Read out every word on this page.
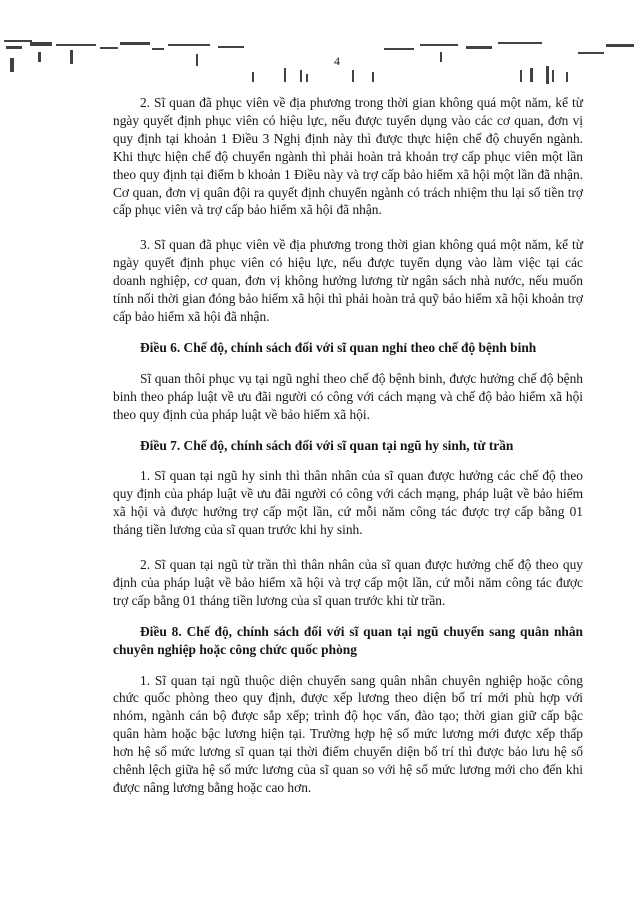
4

2. Sĩ quan đã phục viên về địa phương trong thời gian không quá một năm, kể từ ngày quyết định phục viên có hiệu lực, nếu được tuyển dụng vào các cơ quan, đơn vị quy định tại khoản 1 Điều 3 Nghị định này thì được thực hiện chế độ chuyển ngành. Khi thực hiện chế độ chuyển ngành thì phải hoàn trả khoản trợ cấp phục viên một lần theo quy định tại điểm b khoản 1 Điều này và trợ cấp bảo hiểm xã hội một lần đã nhận. Cơ quan, đơn vị quân đội ra quyết định chuyển ngành có trách nhiệm thu lại số tiền trợ cấp phục viên và trợ cấp bảo hiểm xã hội đã nhận.

3. Sĩ quan đã phục viên về địa phương trong thời gian không quá một năm, kể từ ngày quyết định phục viên có hiệu lực, nếu được tuyển dụng vào làm việc tại các doanh nghiệp, cơ quan, đơn vị không hưởng lương từ ngân sách nhà nước, nếu muốn tính nối thời gian đóng bảo hiểm xã hội thì phải hoàn trả quỹ bảo hiểm xã hội khoản trợ cấp bảo hiểm xã hội đã nhận.

Điều 6. Chế độ, chính sách đối với sĩ quan nghỉ theo chế độ bệnh binh

Sĩ quan thôi phục vụ tại ngũ nghỉ theo chế độ bệnh binh, được hưởng chế độ bệnh binh theo pháp luật về ưu đãi người có công với cách mạng và chế độ bảo hiểm xã hội theo quy định của pháp luật về bảo hiểm xã hội.

Điều 7. Chế độ, chính sách đối với sĩ quan tại ngũ hy sinh, từ trần

1. Sĩ quan tại ngũ hy sinh thì thân nhân của sĩ quan được hưởng các chế độ theo quy định của pháp luật về ưu đãi người có công với cách mạng, pháp luật về bảo hiểm xã hội và được hưởng trợ cấp một lần, cứ mỗi năm công tác được trợ cấp bằng 01 tháng tiền lương của sĩ quan trước khi hy sinh.

2. Sĩ quan tại ngũ từ trần thì thân nhân của sĩ quan được hưởng chế độ theo quy định của pháp luật về bảo hiểm xã hội và trợ cấp một lần, cứ mỗi năm công tác được trợ cấp bằng 01 tháng tiền lương của sĩ quan trước khi từ trần.

Điều 8. Chế độ, chính sách đối với sĩ quan tại ngũ chuyển sang quân nhân chuyên nghiệp hoặc công chức quốc phòng

1. Sĩ quan tại ngũ thuộc diện chuyển sang quân nhân chuyên nghiệp hoặc công chức quốc phòng theo quy định, được xếp lương theo diện bố trí mới phù hợp với nhóm, ngành cán bộ được sắp xếp; trình độ học vấn, đào tạo; thời gian giữ cấp bậc quân hàm hoặc bậc lương hiện tại. Trường hợp hệ số mức lương mới được xếp thấp hơn hệ số mức lương sĩ quan tại thời điểm chuyển diện bố trí thì được bảo lưu hệ số chênh lệch giữa hệ số mức lương của sĩ quan so với hệ số mức lương mới cho đến khi được nâng lương bằng hoặc cao hơn.
